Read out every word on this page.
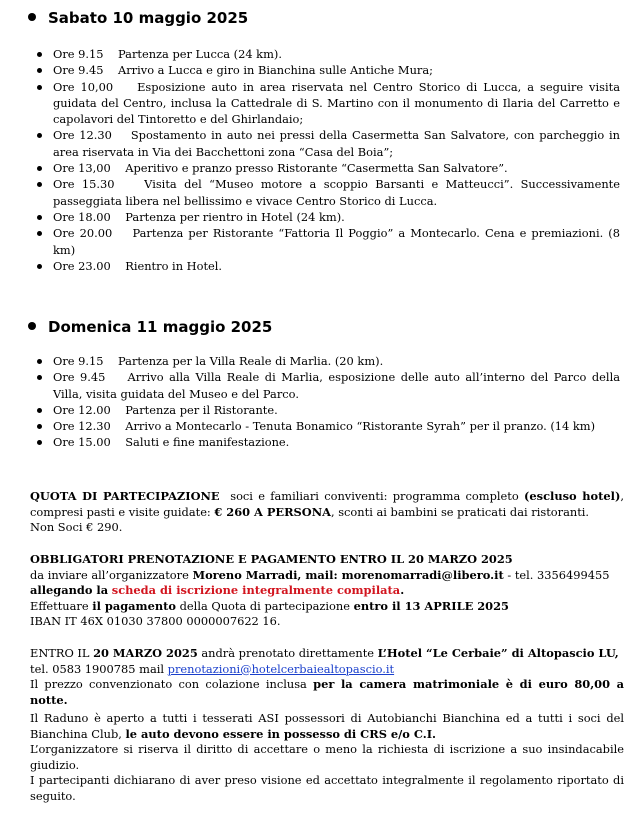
Sabato 10 maggio 2025
Ore 9.15 Partenza per Lucca (24 km).
Ore 9.45 Arrivo a Lucca e giro in Bianchina sulle Antiche Mura;
Ore 10,00 Esposizione auto in area riservata nel Centro Storico di Lucca, a seguire visita guidata del Centro, inclusa la Cattedrale di S. Martino con il monumento di Ilaria del Carretto e capolavori del Tintoretto e del Ghirlandaio;
Ore 12.30 Spostamento in auto nei pressi della Casermetta San Salvatore, con parcheggio in area riservata in Via dei Bacchettoni zona “Casa del Boia”;
Ore 13,00 Aperitivo e pranzo presso Ristorante “Casermetta San Salvatore”.
Ore 15.30	Visita del “Museo motore a scoppio Barsanti e Matteucci”. Successivamente passeggiata libera nel bellissimo e vivace Centro Storico di Lucca.
Ore 18.00 Partenza per rientro in Hotel (24 km).
Ore 20.00 Partenza per Ristorante “Fattoria Il Poggio” a Montecarlo. Cena e premiazioni. (8 km)
Ore 23.00 Rientro in Hotel.
Domenica 11 maggio 2025
Ore 9.15 Partenza per la Villa Reale di Marlia. (20 km).
Ore 9.45 Arrivo alla Villa Reale di Marlia, esposizione delle auto all’interno del Parco della Villa, visita guidata del Museo e del Parco.
Ore 12.00 Partenza per il Ristorante.
Ore 12.30 Arrivo a Montecarlo - Tenuta Bonamico “Ristorante Syrah” per il pranzo. (14 km)
Ore 15.00 Saluti e fine manifestazione.

QUOTA DI PARTECIPAZIONE soci e familiari conviventi: programma completo (escluso hotel), compresi pasti e visite guidate: € 260 A PERSONA, sconti ai bambini se praticati dai ristoranti.
Non Soci € 290.

OBBLIGATORI PRENOTAZIONE E PAGAMENTO ENTRO IL 20 MARZO 2025
da inviare all’organizzatore Moreno Marradi, mail: morenomarradi@libero.it - tel. 3356499455
allegando la scheda di iscrizione integralmente compilata.
Effettuare il pagamento della Quota di partecipazione entro il 13 APRILE 2025
IBAN IT 46X 01030 37800 0000007622 16.

ENTRO IL 20 MARZO 2025 andrà prenotato direttamente L’Hotel “Le Cerbaie” di Altopascio LU,
tel. 0583 1900785 mail prenotazioni@hotelcerbaiealtopascio.it
Il prezzo convenzionato con colazione inclusa per la camera matrimoniale è di euro 80,00 a notte.

Il Raduno è aperto a tutti i tesserati ASI possessori di Autobianchi Bianchina ed a tutti i soci del Bianchina Club, le auto devono essere in possesso di CRS e/o C.I.
L’organizzatore si riserva il diritto di accettare o meno la richiesta di iscrizione a suo insindacabile giudizio.
I partecipanti dichiarano di aver preso visione ed accettato integralmente il regolamento riportato di seguito.
